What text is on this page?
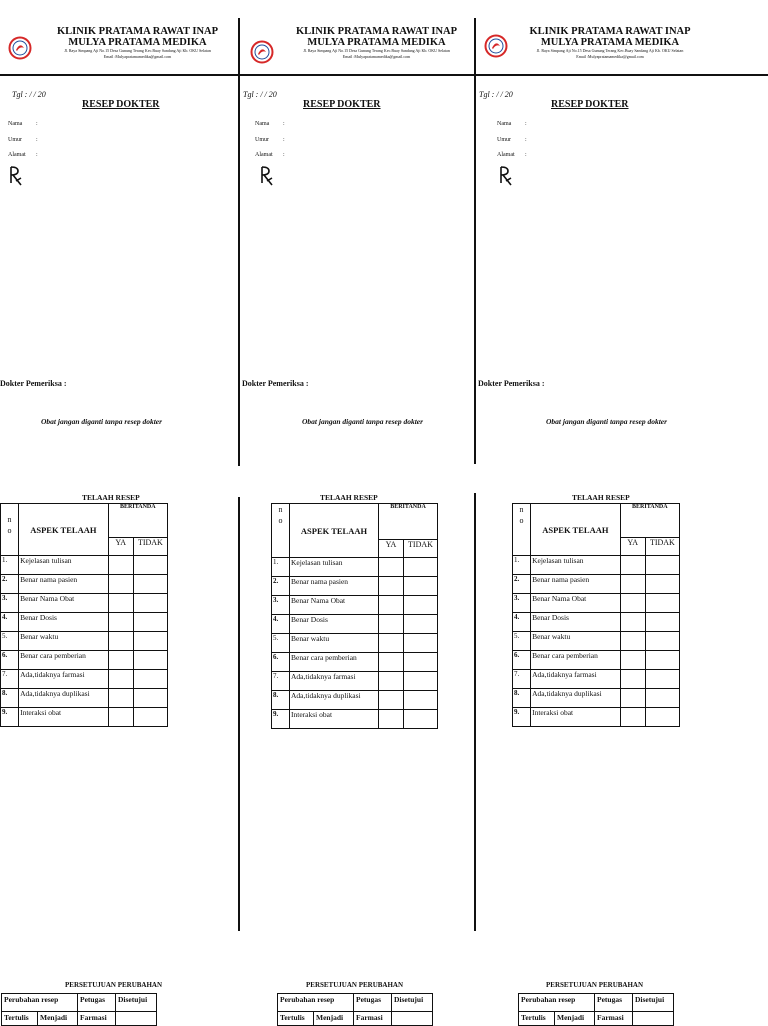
KLINIK PRATAMA RAWAT INAP
MULYA PRATAMA MEDIKA
Jl. Raya Simpang Aji No.15 Desa Gunung Terang Kec.Buay Sandang Aji Kb. OKU Selatan
Email :Mulyapratamamedika@gmail.com
Tgl : / / 20
RESEP DOKTER
Nama :
Umur :
Alamat :
Dokter Pemeriksa :
Obat jangan diganti tanpa resep dokter
TELAAH RESEP
n
o	ASPEK TELAAH	BERITANDA	
		YA	TIDAK
1.	Kejelasan tulisan		
2.	Benar nama pasien		
3.	Benar Nama Obat		
4.	Benar Dosis		
5.	Benar waktu		
6.	Benar cara pemberian		
7.	Ada,tidaknya farmasi		
8.	Ada,tidaknya duplikasi		
9.	Interaksi obat		
PERSETUJUAN PERUBAHAN
Perubahan resep		Petugas	Disetujui
Tertulis	Menjadi	Farmasi	
KLINIK PRATAMA RAWAT INAP
MULYA PRATAMA MEDIKA
Jl. Raya Simpang Aji No.15 Desa Gunung Terang Kec.Buay Sandang Aji Kb. OKU Selatan
Email :Mulyapratamamedika@gmail.com
Tgl : / / 20
RESEP DOKTER
Nama :
Umur :
Alamat :
Dokter Pemeriksa :
Obat jangan diganti tanpa resep dokter
TELAAH RESEP
n
o	ASPEK TELAAH	BERITANDA	
		YA	TIDAK
1.	Kejelasan tulisan		
2.	Benar nama pasien		
3.	Benar Nama Obat		
4.	Benar Dosis		
5.	Benar waktu		
6.	Benar cara pemberian		
7.	Ada,tidaknya farmasi		
8.	Ada,tidaknya duplikasi		
9.	Interaksi obat		
PERSETUJUAN PERUBAHAN
Perubahan resep		Petugas	Disetujui
Tertulis	Menjadi	Farmasi	
KLINIK PRATAMA RAWAT INAP
MULYA PRATAMA MEDIKA
Jl. Raya Simpang Aji No.15 Desa Gunung Terang Kec.Buay Sandang Aji Kb. OKU Selatan
Email :Mulyapratamamedika@gmail.com
Tgl : / / 20
RESEP DOKTER
Nama :
Umur :
Alamat :
Dokter Pemeriksa :
Obat jangan diganti tanpa resep dokter
TELAAH RESEP
n
o	ASPEK TELAAH	BERITANDA	
		YA	TIDAK
1.	Kejelasan tulisan		
2.	Benar nama pasien		
3.	Benar Nama Obat		
4.	Benar Dosis		
5.	Benar waktu		
6.	Benar cara pemberian		
7.	Ada,tidaknya farmasi		
8.	Ada,tidaknya duplikasi		
9.	Interaksi obat		
PERSETUJUAN PERUBAHAN
Perubahan resep		Petugas	Disetujui
Tertulis	Menjadi	Farmasi	
